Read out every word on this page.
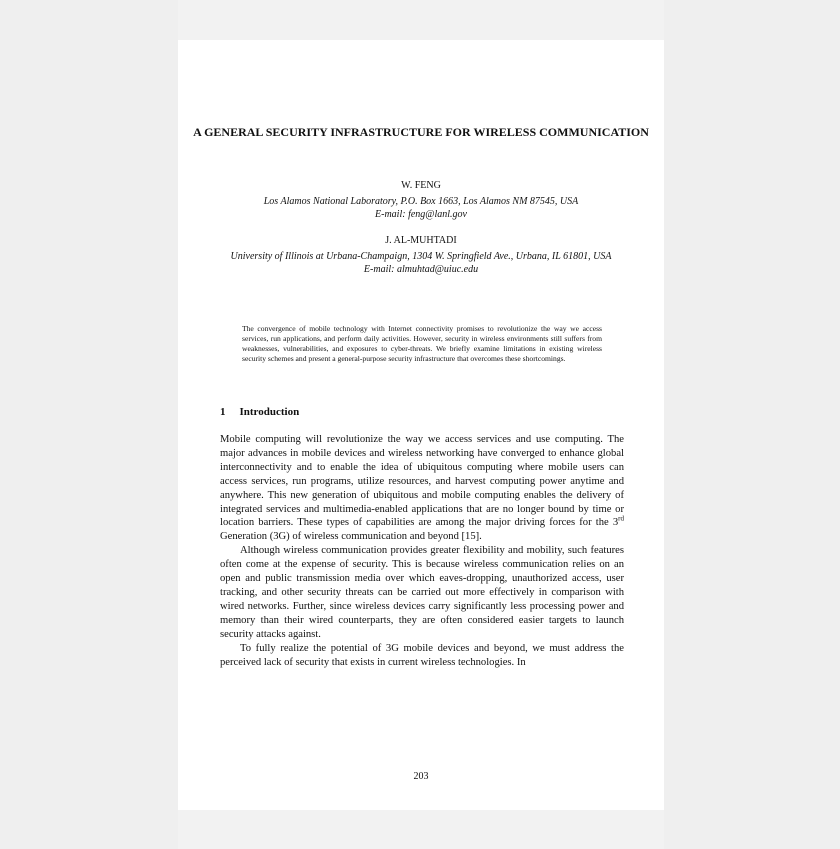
A GENERAL SECURITY INFRASTRUCTURE FOR WIRELESS COMMUNICATION
W. FENG
Los Alamos National Laboratory, P.O. Box 1663, Los Alamos NM 87545, USA
E-mail: feng@lanl.gov
J. AL-MUHTADI
University of Illinois at Urbana-Champaign, 1304 W. Springfield Ave., Urbana, IL 61801, USA
E-mail: almuhtad@uiuc.edu
The convergence of mobile technology with Internet connectivity promises to revolutionize the way we access services, run applications, and perform daily activities. However, security in wireless environments still suffers from weaknesses, vulnerabilities, and exposures to cyber-threats. We briefly examine limitations in existing wireless security schemes and present a general-purpose security infrastructure that overcomes these shortcomings.
1 Introduction

Mobile computing will revolutionize the way we access services and use computing. The major advances in mobile devices and wireless networking have converged to enhance global interconnectivity and to enable the idea of ubiquitous computing where mobile users can access services, run programs, utilize resources, and harvest computing power anytime and anywhere. This new generation of ubiquitous and mobile computing enables the delivery of integrated services and multimedia-enabled applications that are no longer bound by time or location barriers. These types of capabilities are among the major driving forces for the 3rd Generation (3G) of wireless communication and beyond [15].

Although wireless communication provides greater flexibility and mobility, such features often come at the expense of security. This is because wireless communication relies on an open and public transmission media over which eaves-dropping, unauthorized access, user tracking, and other security threats can be carried out more effectively in comparison with wired networks. Further, since wireless devices carry significantly less processing power and memory than their wired counterparts, they are often considered easier targets to launch security attacks against.

To fully realize the potential of 3G mobile devices and beyond, we must address the perceived lack of security that exists in current wireless technologies. In

203
